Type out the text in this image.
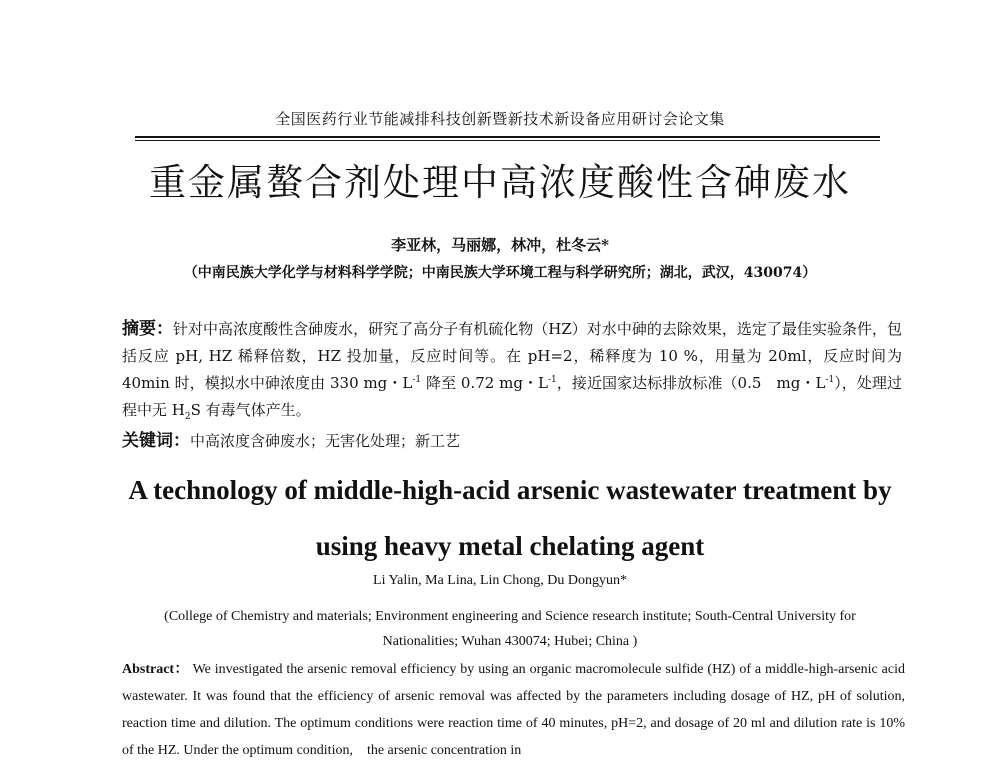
全国医药行业节能减排科技创新暨新技术新设备应用研讨会论文集
重金属螯合剂处理中高浓度酸性含砷废水
李亚林，马丽娜，林冲，杜冬云*
（中南民族大学化学与材料科学学院；中南民族大学环境工程与科学研究所；湖北，武汉，430074）
摘要：针对中高浓度酸性含砷废水，研究了高分子有机硫化物（HZ）对水中砷的去除效果，选定了最佳实验条件，包括反应 pH, HZ 稀释倍数，HZ 投加量，反应时间等。在 pH=2，稀释度为 10 %，用量为 20ml，反应时间为 40min 时，模拟水中砷浓度由 330 mg・$L^{-1}$ 降至 0.72 mg・$L^{-1}$，接近国家达标排放标准（0.5　mg・$L^{-1}$），处理过程中无 $H_2S$ 有毒气体产生。
关键词：中高浓度含砷废水；无害化处理；新工艺
A technology of middle-high-acid arsenic wastewater treatment by using heavy metal chelating agent
Li Yalin, Ma Lina, Lin Chong, Du Dongyun*
(College of Chemistry and materials; Environment engineering and Science research institute; South-Central University for Nationalities; Wuhan 430074; Hubei; China )
Abstract： We investigated the arsenic removal efficiency by using an organic macromolecule sulfide (HZ) of a middle-high-arsenic acid wastewater. It was found that the efficiency of arsenic removal was affected by the parameters including dosage of HZ, pH of solution, reaction time and dilution. The optimum conditions were reaction time of 40 minutes, pH=2, and dosage of 20 ml and dilution rate is 10% of the HZ. Under the optimum condition,　the arsenic concentration in
